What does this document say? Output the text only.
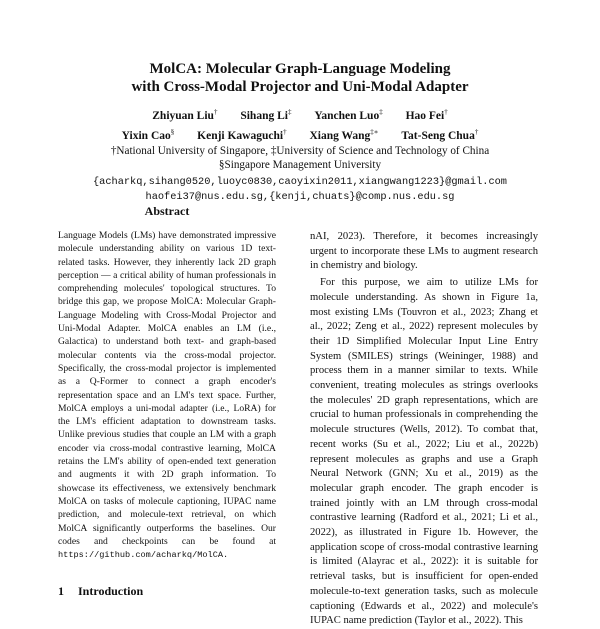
MolCA: Molecular Graph-Language Modeling
with Cross-Modal Projector and Uni-Modal Adapter
Zhiyuan Liu† Sihang Li‡ Yanchen Luo‡ Hao Fei†
Yixin Cao§ Kenji Kawaguchi† Xiang Wang‡∗ Tat-Seng Chua†
†National University of Singapore, ‡University of Science and Technology of China
§Singapore Management University
{acharkq,sihang0520,luoyc0830,caoyixin2011,xiangwang1223}@gmail.com
haofei37@nus.edu.sg,{kenji,chuats}@comp.nus.edu.sg
Abstract
Language Models (LMs) have demonstrated impressive molecule understanding ability on various 1D text-related tasks. However, they inherently lack 2D graph perception — a critical ability of human professionals in comprehending molecules' topological structures. To bridge this gap, we propose MolCA: Molecular Graph-Language Modeling with Cross-Modal Projector and Uni-Modal Adapter. MolCA enables an LM (i.e., Galactica) to understand both text- and graph-based molecular contents via the cross-modal projector. Specifically, the cross-modal projector is implemented as a Q-Former to connect a graph encoder's representation space and an LM's text space. Further, MolCA employs a uni-modal adapter (i.e., LoRA) for the LM's efficient adaptation to downstream tasks. Unlike previous studies that couple an LM with a graph encoder via cross-modal contrastive learning, MolCA retains the LM's ability of open-ended text generation and augments it with 2D graph information. To showcase its effectiveness, we extensively benchmark MolCA on tasks of molecule captioning, IUPAC name prediction, and molecule-text retrieval, on which MolCA significantly outperforms the baselines. Our codes and checkpoints can be found at https://github.com/acharkq/MolCA.
1 Introduction

nAI, 2023). Therefore, it becomes increasingly urgent to incorporate these LMs to augment research in chemistry and biology.

For this purpose, we aim to utilize LMs for molecule understanding. As shown in Figure 1a, most existing LMs (Touvron et al., 2023; Zhang et al., 2022; Zeng et al., 2022) represent molecules by their 1D Simplified Molecular Input Line Entry System (SMILES) strings (Weininger, 1988) and process them in a manner similar to texts. While convenient, treating molecules as strings overlooks the molecules' 2D graph representations, which are crucial to human professionals in comprehending the molecule structures (Wells, 2012). To combat that, recent works (Su et al., 2022; Liu et al., 2022b) represent molecules as graphs and use a Graph Neural Network (GNN; Xu et al., 2019) as the molecular graph encoder. The graph encoder is trained jointly with an LM through cross-modal contrastive learning (Radford et al., 2021; Li et al., 2022), as illustrated in Figure 1b. However, the application scope of cross-modal contrastive learning is limited (Alayrac et al., 2022): it is suitable for retrieval tasks, but is insufficient for open-ended molecule-to-text generation tasks, such as molecule captioning (Edwards et al., 2022) and molecule's IUPAC name prediction (Taylor et al., 2022). This
